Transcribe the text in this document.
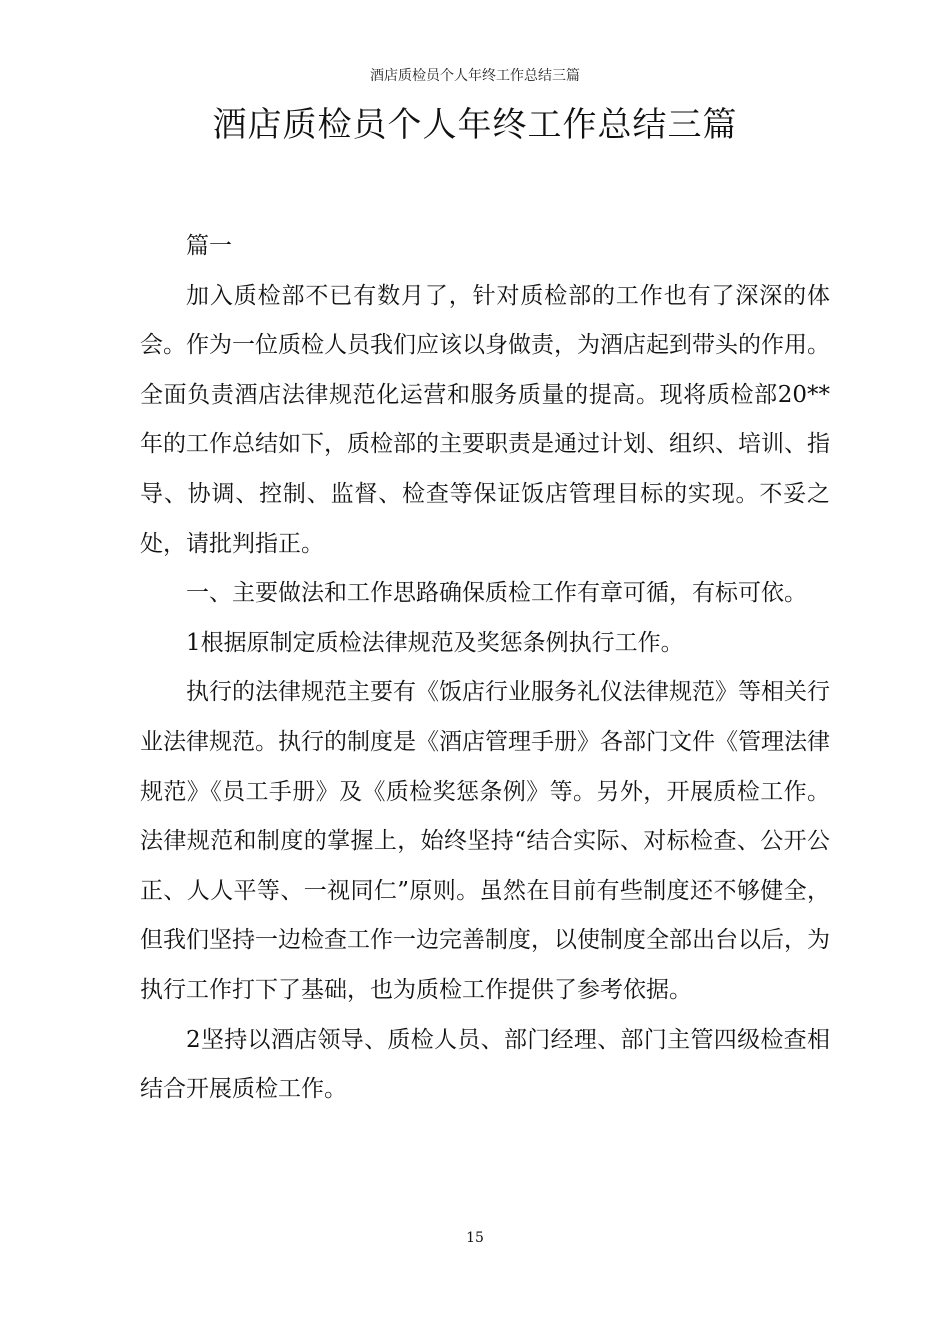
酒店质检员个人年终工作总结三篇
酒店质检员个人年终工作总结三篇

篇一

加入质检部不已有数月了，针对质检部的工作也有了深深的体会。作为一位质检人员我们应该以身做责，为酒店起到带头的作用。全面负责酒店法律规范化运营和服务质量的提高。现将质检部20**年的工作总结如下，质检部的主要职责是通过计划、组织、培训、指导、协调、控制、监督、检查等保证饭店管理目标的实现。不妥之处，请批判指正。

一、主要做法和工作思路确保质检工作有章可循，有标可依。

1根据原制定质检法律规范及奖惩条例执行工作。

执行的法律规范主要有《饭店行业服务礼仪法律规范》等相关行业法律规范。执行的制度是《酒店管理手册》各部门文件《管理法律规范》《员工手册》及《质检奖惩条例》等。另外，开展质检工作。法律规范和制度的掌握上，始终坚持“结合实际、对标检查、公开公正、人人平等、一视同仁”原则。虽然在目前有些制度还不够健全，但我们坚持一边检查工作一边完善制度，以使制度全部出台以后，为执行工作打下了基础，也为质检工作提供了参考依据。

2坚持以酒店领导、质检人员、部门经理、部门主管四级检查相结合开展质检工作。

15
